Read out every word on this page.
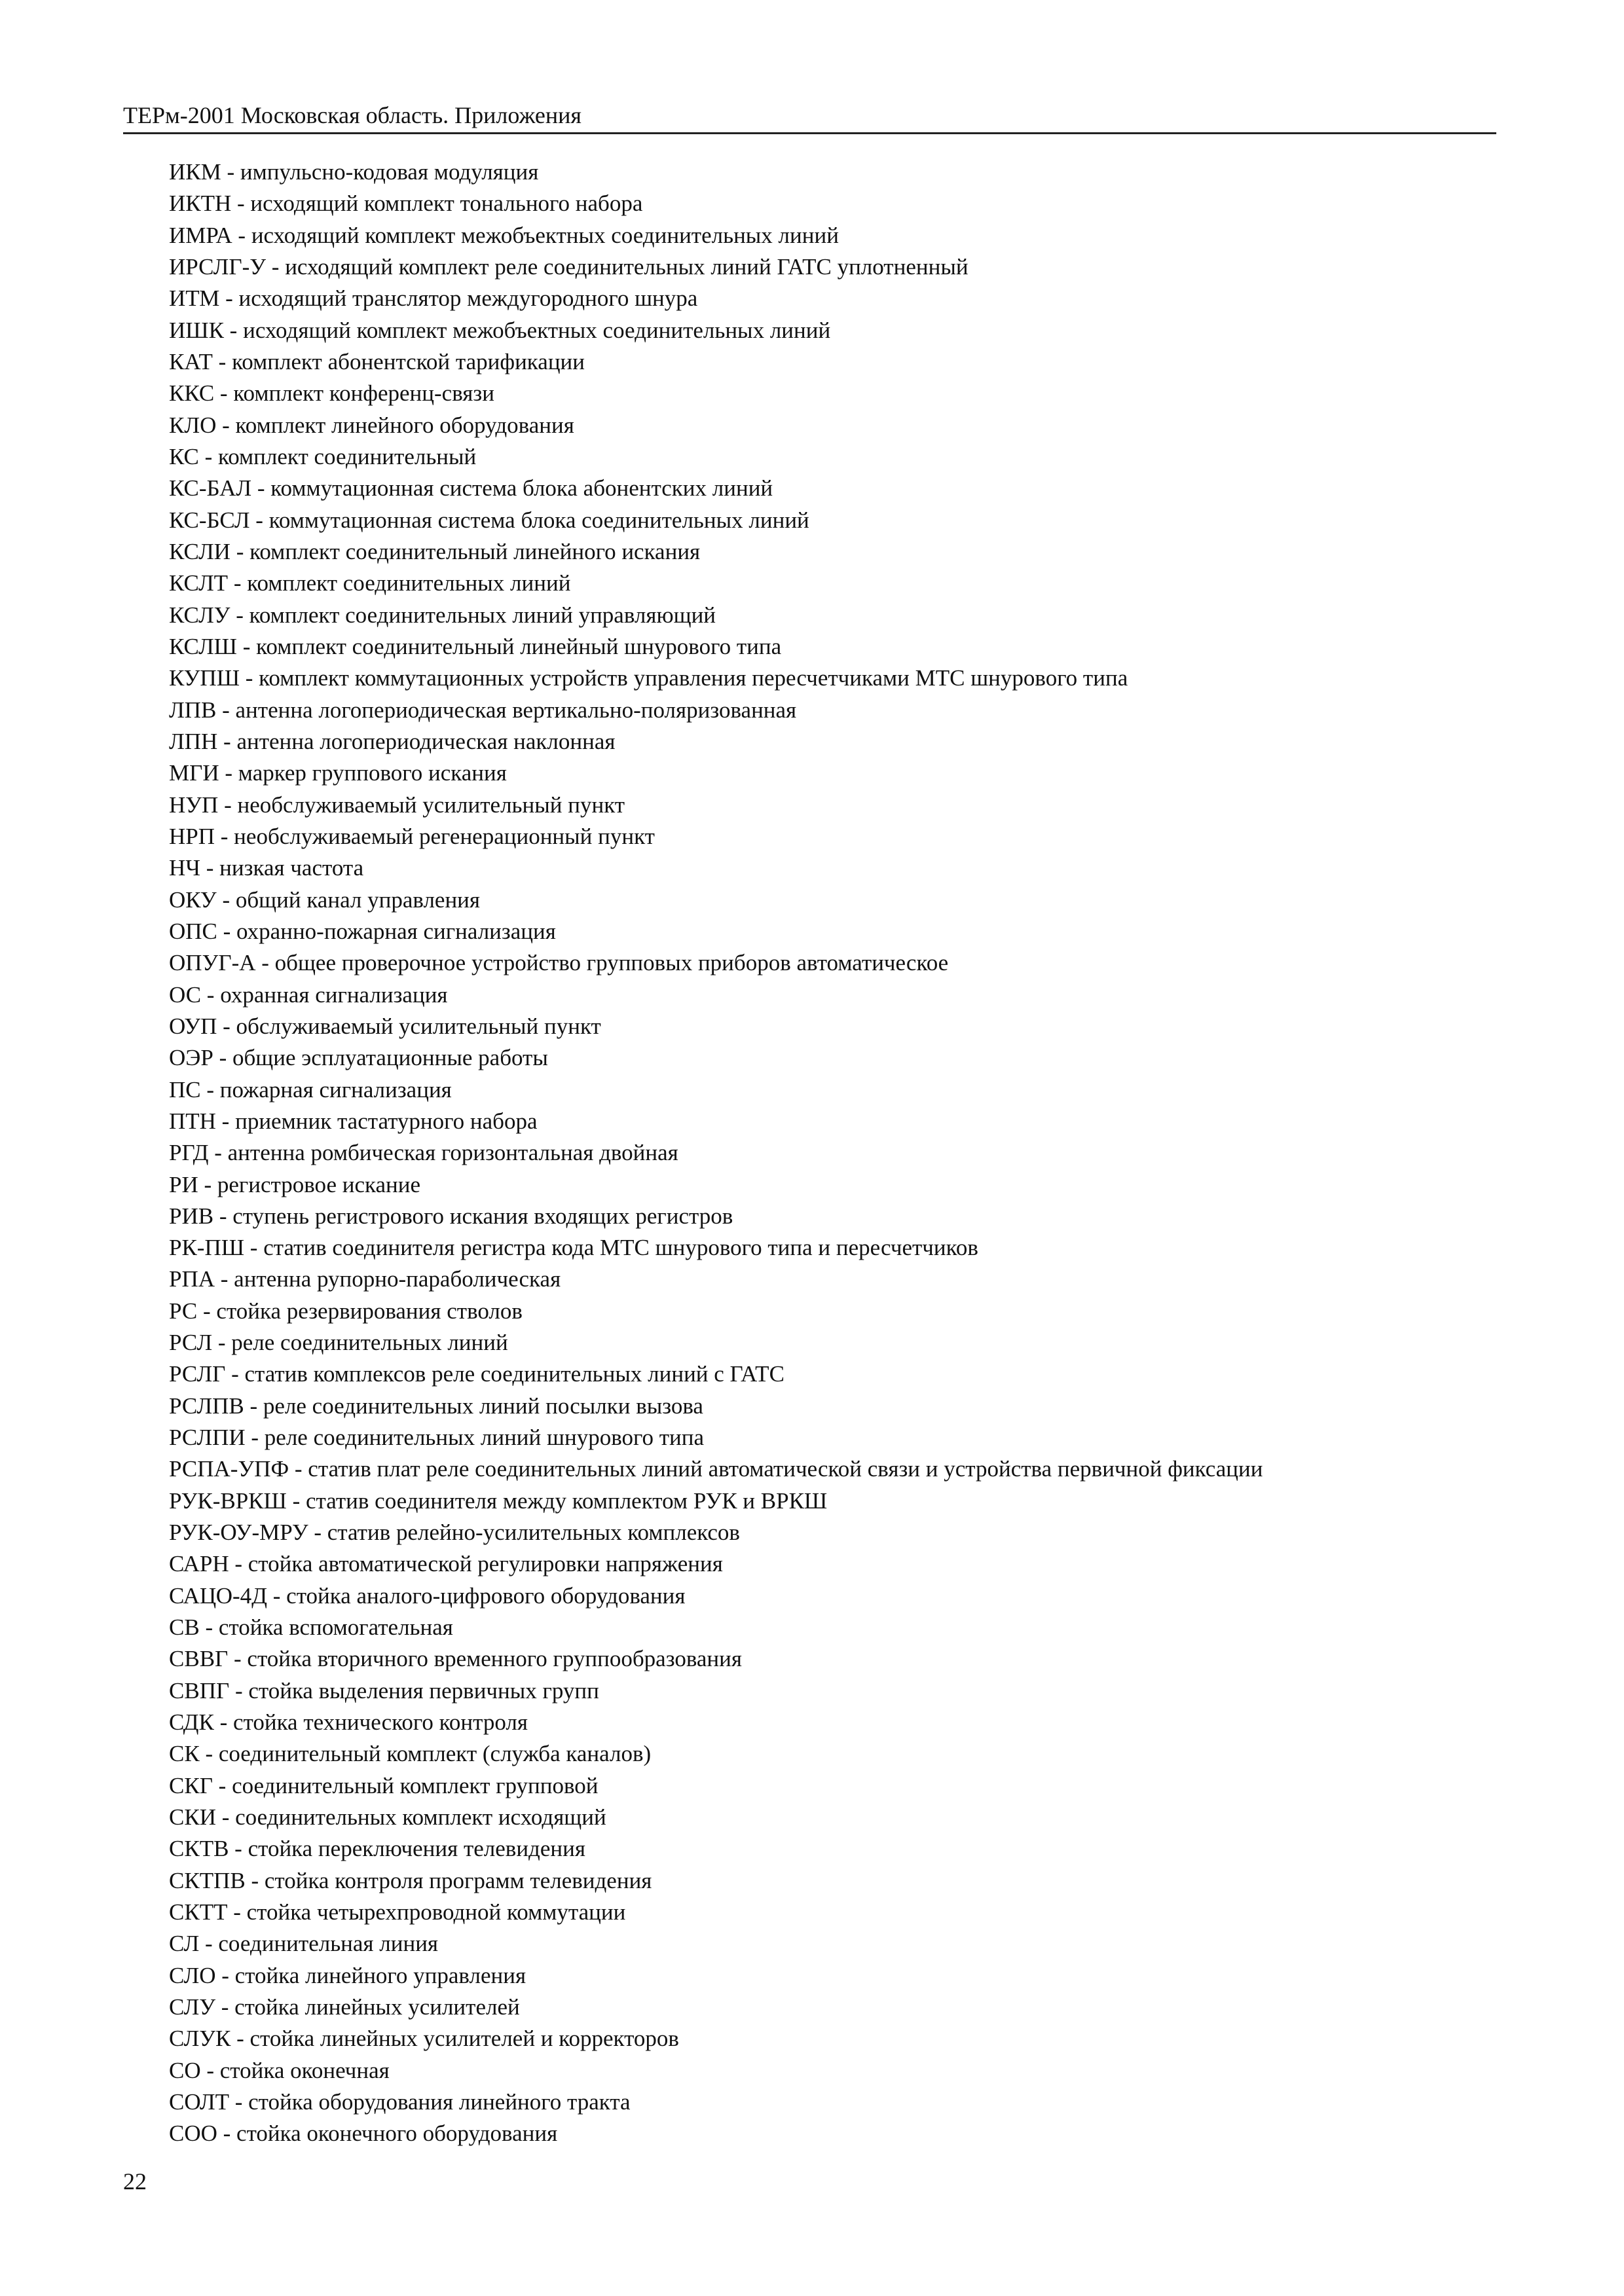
ТЕРм-2001 Московская область. Приложения
ИКМ - импульсно-кодовая модуляция
ИКТН - исходящий комплект тонального набора
ИМРА - исходящий комплект межобъектных соединительных линий
ИРСЛГ-У - исходящий комплект реле соединительных линий ГАТС уплотненный
ИТМ - исходящий транслятор междугородного шнура
ИШК - исходящий комплект межобъектных соединительных линий
КАТ - комплект абонентской тарификации
ККС - комплект конференц-связи
КЛО - комплект линейного оборудования
КС - комплект соединительный
КС-БАЛ - коммутационная система блока абонентских линий
КС-БСЛ - коммутационная система блока соединительных линий
КСЛИ - комплект соединительный линейного искания
КСЛТ - комплект соединительных линий
КСЛУ - комплект соединительных линий управляющий
КСЛШ - комплект соединительный линейный шнурового типа
КУПШ - комплект коммутационных устройств управления пересчетчиками МТС шнурового типа
ЛПВ - антенна логопериодическая вертикально-поляризованная
ЛПН - антенна логопериодическая наклонная
МГИ - маркер группового искания
НУП - необслуживаемый усилительный пункт
НРП - необслуживаемый регенерационный пункт
НЧ - низкая частота
ОКУ - общий канал управления
ОПС - охранно-пожарная сигнализация
ОПУГ-А - общее проверочное устройство групповых приборов автоматическое
ОС - охранная сигнализация
ОУП - обслуживаемый усилительный пункт
ОЭР - общие эсплуатационные работы
ПС - пожарная сигнализация
ПТН - приемник тастатурного набора
РГД - антенна ромбическая горизонтальная двойная
РИ - регистровое искание
РИВ - ступень регистрового искания входящих регистров
РК-ПШ - статив соединителя регистра кода МТС шнурового типа и пересчетчиков
РПА - антенна рупорно-параболическая
РС - стойка резервирования стволов
РСЛ - реле соединительных линий
РСЛГ - статив комплексов реле соединительных линий с ГАТС
РСЛПВ - реле соединительных линий посылки вызова
РСЛПИ - реле соединительных линий шнурового типа
РСПА-УПФ - статив плат реле соединительных линий автоматической связи и устройства первичной фиксации
РУК-ВРКШ - статив соединителя между комплектом РУК и ВРКШ
РУК-ОУ-МРУ - статив релейно-усилительных комплексов
САРН - стойка автоматической регулировки напряжения
САЦО-4Д - стойка аналого-цифрового оборудования
СВ - стойка вспомогательная
СВВГ - стойка вторичного временного группообразования
СВПГ - стойка выделения первичных групп
СДК - стойка технического контроля
СК - соединительный комплект (служба каналов)
СКГ - соединительный комплект групповой
СКИ - соединительных комплект исходящий
СКТВ - стойка переключения телевидения
СКТПВ - стойка контроля программ телевидения
СКТТ - стойка четырехпроводной коммутации
СЛ - соединительная линия
СЛО - стойка линейного управления
СЛУ - стойка линейных усилителей
СЛУК - стойка линейных усилителей и корректоров
СО - стойка оконечная
СОЛТ - стойка оборудования линейного тракта
СОО - стойка оконечного оборудования
22
